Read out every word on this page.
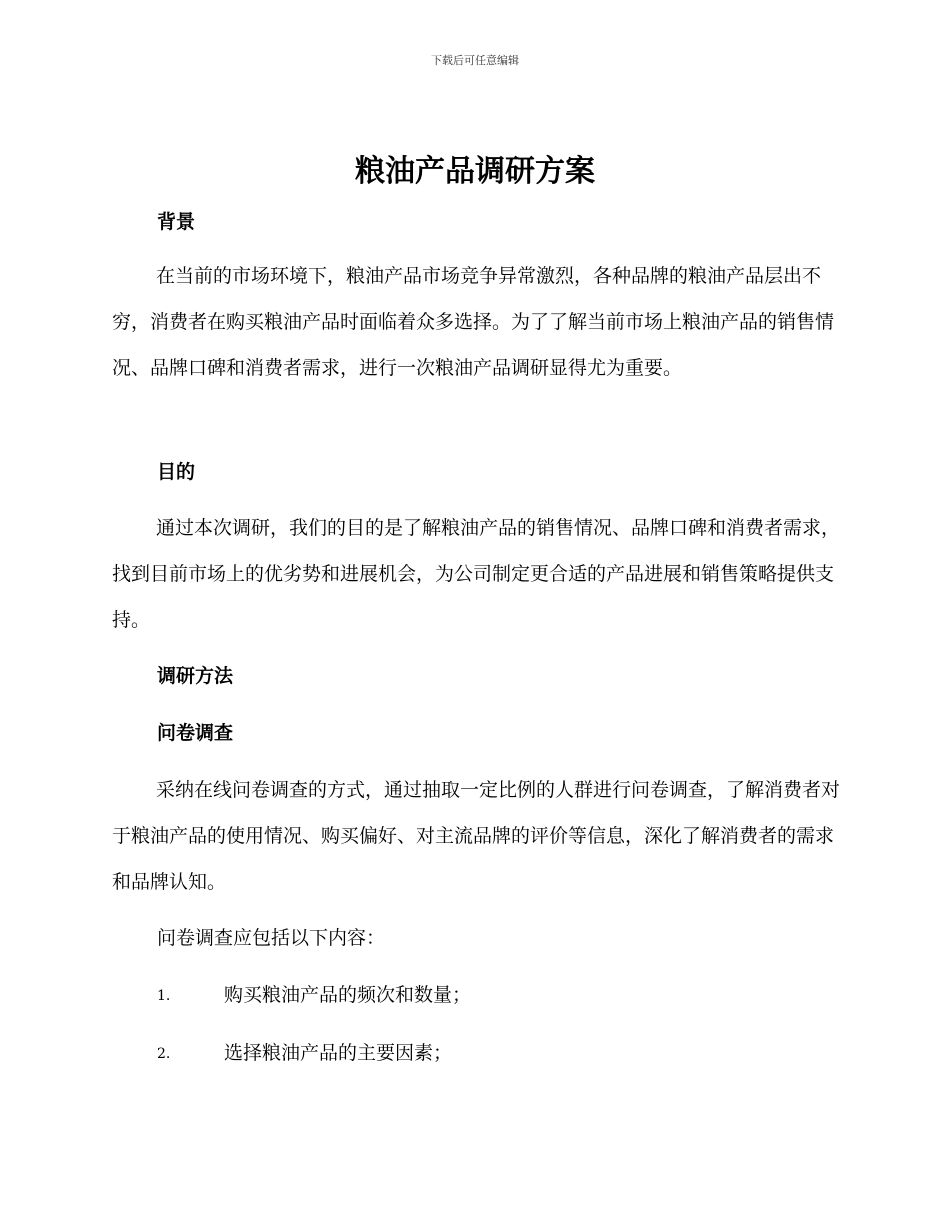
下载后可任意编辑
粮油产品调研方案
背景

在当前的市场环境下，粮油产品市场竞争异常激烈，各种品牌的粮油产品层出不穷，消费者在购买粮油产品时面临着众多选择。为了了解当前市场上粮油产品的销售情况、品牌口碑和消费者需求，进行一次粮油产品调研显得尤为重要。

目的

通过本次调研，我们的目的是了解粮油产品的销售情况、品牌口碑和消费者需求，找到目前市场上的优劣势和进展机会，为公司制定更合适的产品进展和销售策略提供支持。

调研方法
问卷调查

采纳在线问卷调查的方式，通过抽取一定比例的人群进行问卷调查，了解消费者对于粮油产品的使用情况、购买偏好、对主流品牌的评价等信息，深化了解消费者的需求和品牌认知。

问卷调查应包括以下内容：

1.	购买粮油产品的频次和数量；
2.	选择粮油产品的主要因素；
